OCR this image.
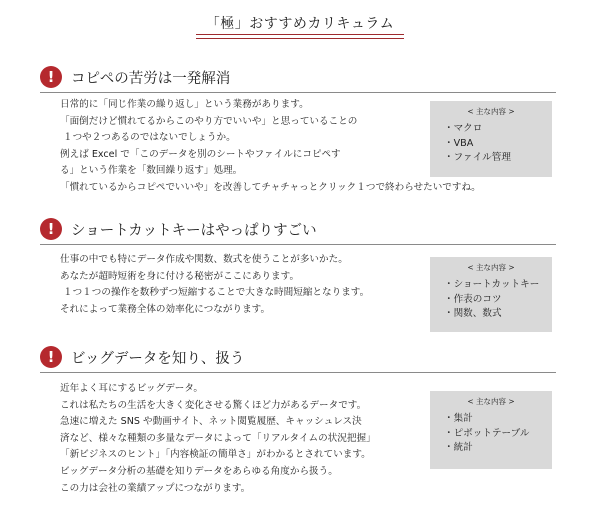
「極」おすすめカリキュラム
!	コピペの苦労は一発解消
日常的に「同じ作業の繰り返し」という業務があります。
「面倒だけど慣れてるからこのやり方でいいや」と思っていることの
１つや２つあるのではないでしょうか。
例えば Excel で「このデータを別のシートやファイルにコピペす
る」という作業を「数回繰り返す」処理。
「慣れているからコピペでいいや」を改善してチャチャっとクリック１つで終わらせたいですね。
< 主な内容 >
・ マクロ
・ VBA
・ ファイル管理
!	ショートカットキーはやっぱりすごい
仕事の中でも特にデータ作成や関数、数式を使うことが多いかた。
あなたが超時短術を身に付ける秘密がここにあります。
１つ１つの操作を数秒ずつ短縮することで大きな時間短縮となります。
それによって業務全体の効率化につながります。
< 主な内容 >
・ ショートカットキー
・ 作表のコツ
・ 関数、数式
!	ビッグデータを知り、扱う
近年よく耳にするビッグデータ。
これは私たちの生活を大きく変化させる驚くほど力があるデータです。
急速に増えた SNS や動画サイト、ネット閲覧履歴、キャッシュレス決
済など、様々な種類の多量なデータによって「リアルタイムの状況把握」
「新ビジネスのヒント」「内容検証の簡単さ」がわかるとされています。
ビッグデータ分析の基礎を知りデータをあらゆる角度から扱う。
この力は会社の業績アップにつながります。
< 主な内容 >
・ 集計
・ ピボットテーブル
・ 統計
